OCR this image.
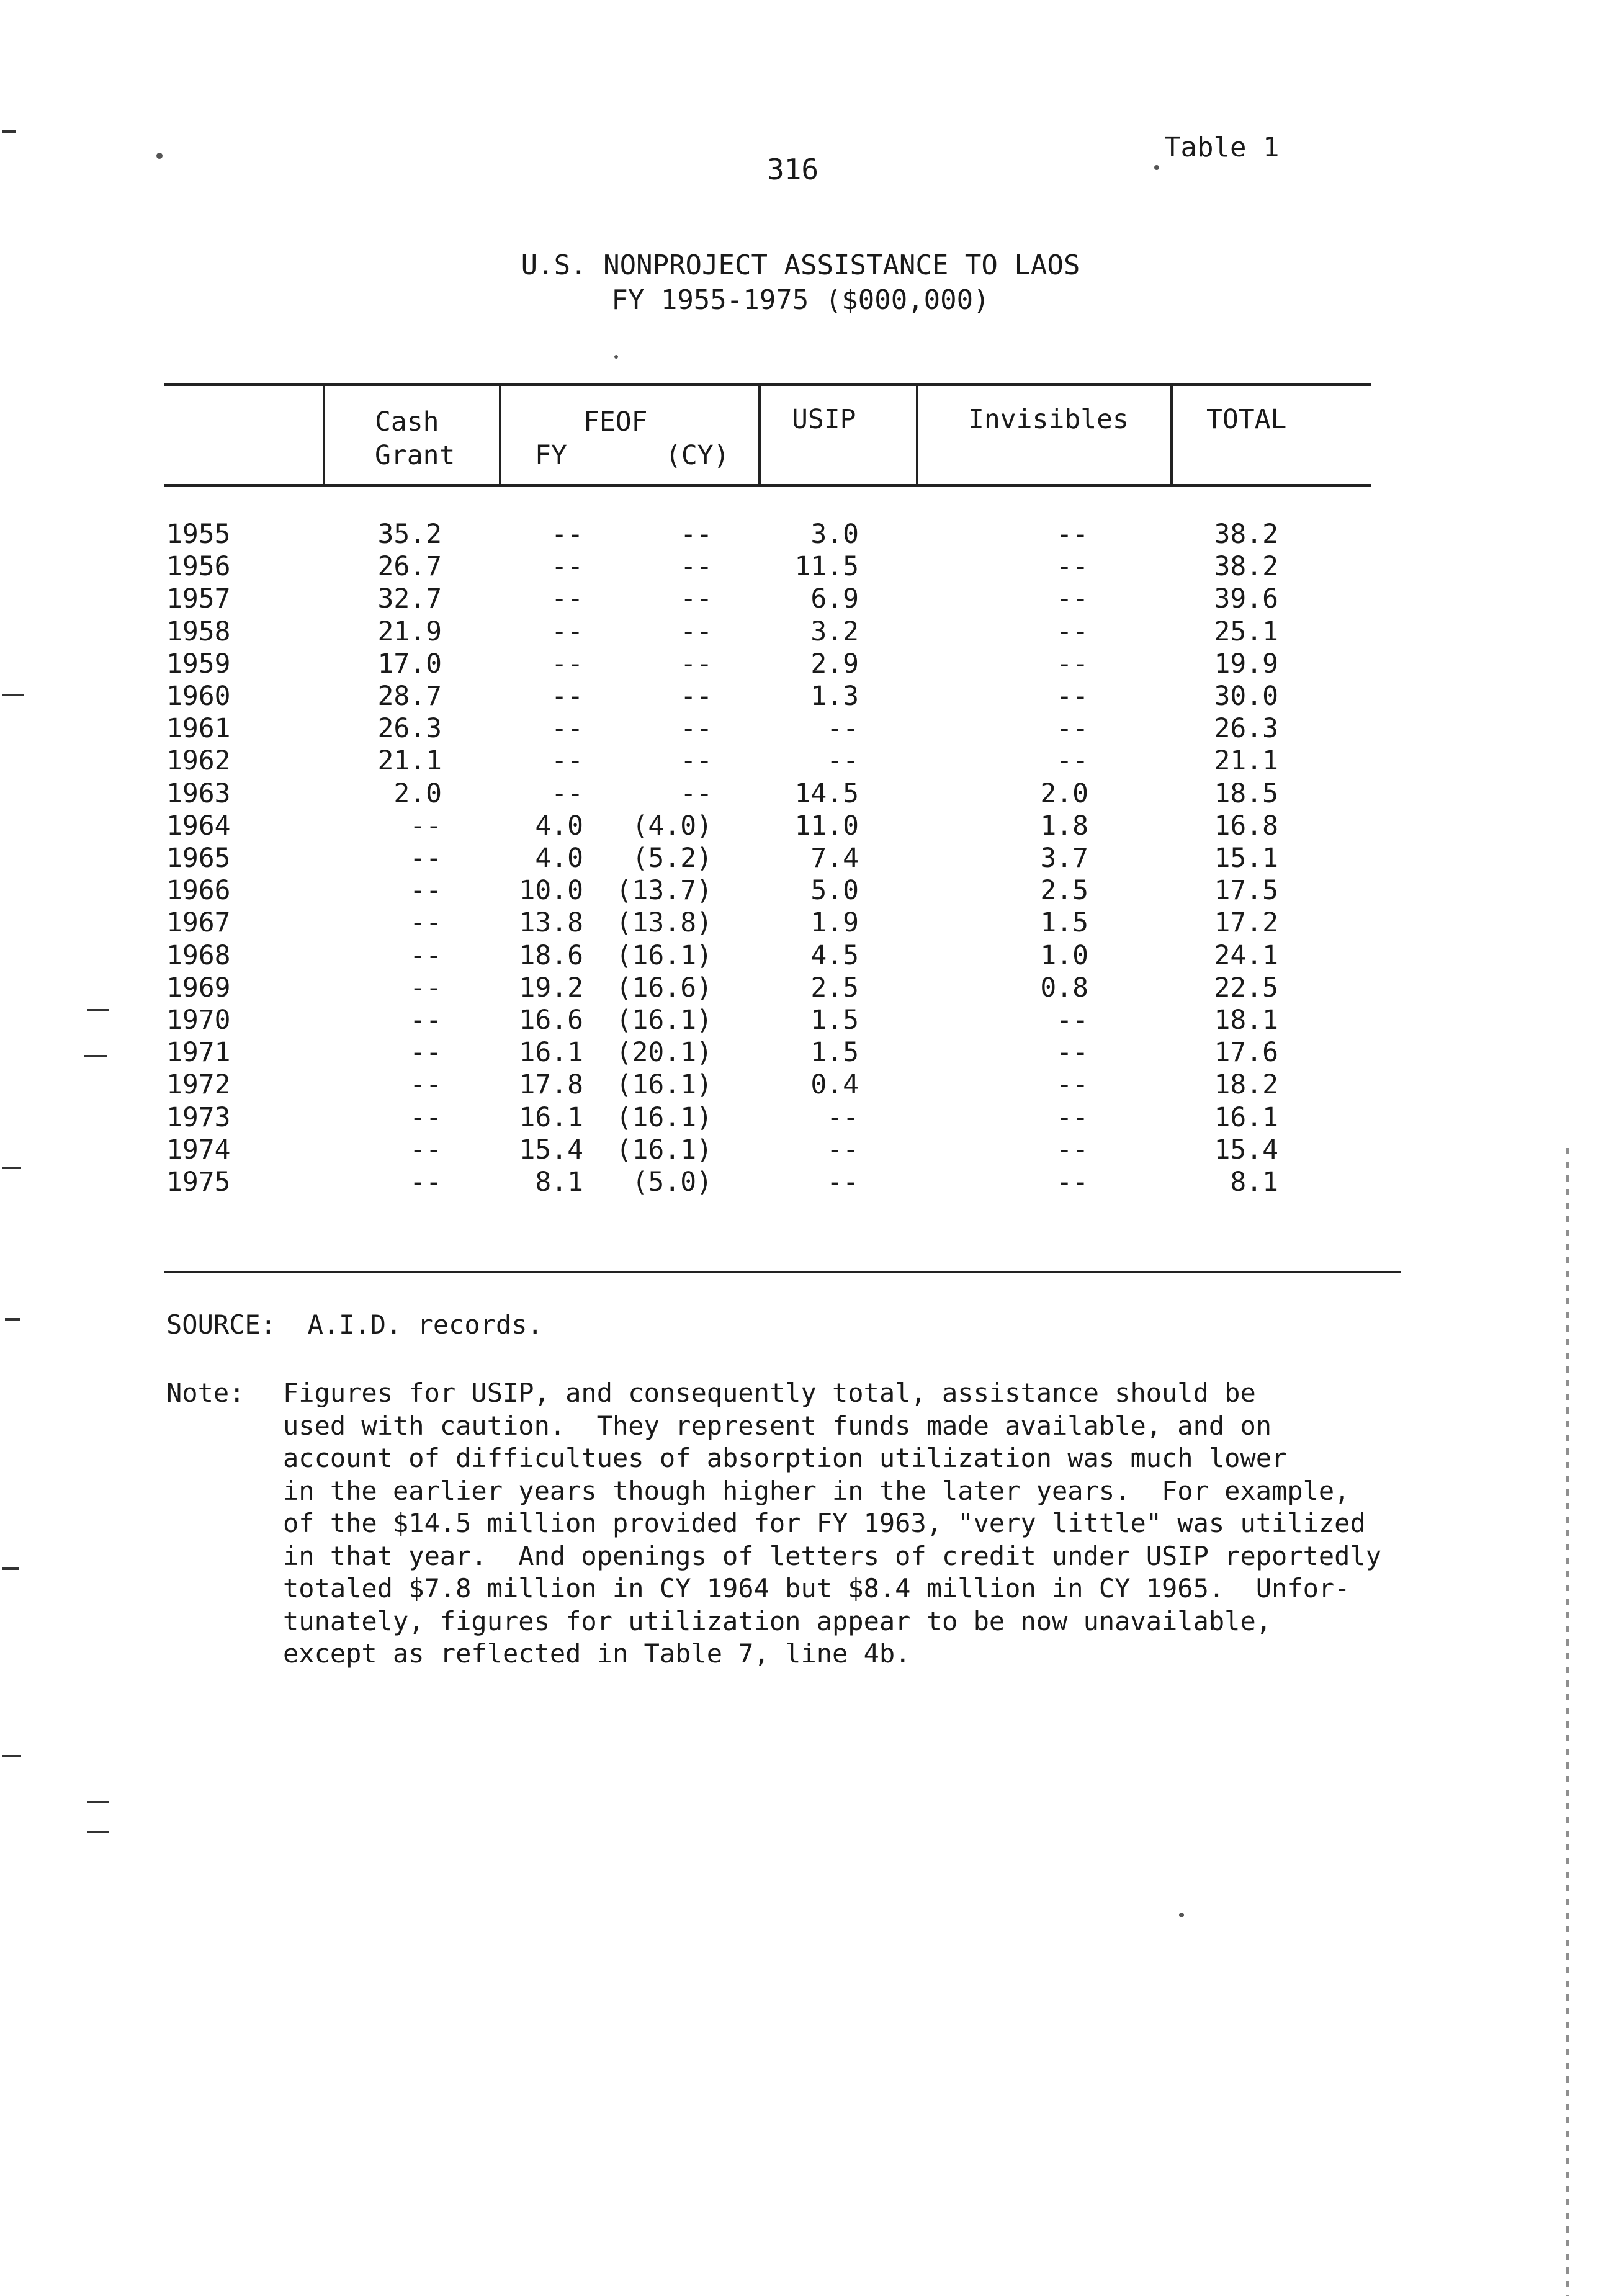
316
Table 1
U.S. NONPROJECT ASSISTANCE TO LAOS
FY 1955-1975 ($000,000)
Cash
Grant
FEOF
FY	(CY)
USIP	Invisibles	TOTAL
1955	35.2	--	--	3.0	--	38.2
1956	26.7	--	--	11.5	--	38.2
1957	32.7	--	--	6.9	--	39.6
1958	21.9	--	--	3.2	--	25.1
1959	17.0	--	--	2.9	--	19.9
1960	28.7	--	--	1.3	--	30.0
1961	26.3	--	--	--	--	26.3
1962	21.1	--	--	--	--	21.1
1963	2.0	--	--	14.5	2.0	18.5
1964	--	4.0	(4.0)	11.0	1.8	16.8
1965	--	4.0	(5.2)	7.4	3.7	15.1
1966	--	10.0	(13.7)	5.0	2.5	17.5
1967	--	13.8	(13.8)	1.9	1.5	17.2
1968	--	18.6	(16.1)	4.5	1.0	24.1
1969	--	19.2	(16.6)	2.5	0.8	22.5
1970	--	16.6	(16.1)	1.5	--	18.1
1971	--	16.1	(20.1)	1.5	--	17.6
1972	--	17.8	(16.1)	0.4	--	18.2
1973	--	16.1	(16.1)	--	--	16.1
1974	--	15.4	(16.1)	--	--	15.4
1975	--	8.1	(5.0)	--	--	8.1
SOURCE:  A.I.D. records.
Note: Figures for USIP, and consequently total, assistance should be
used with caution.  They represent funds made available, and on
account of difficultues of absorption utilization was much lower
in the earlier years though higher in the later years.  For example,
of the $14.5 million provided for FY 1963, "very little" was utilized
in that year.  And openings of letters of credit under USIP reportedly
totaled $7.8 million in CY 1964 but $8.4 million in CY 1965.  Unfor-
tunately, figures for utilization appear to be now unavailable,
except as reflected in Table 7, line 4b.
